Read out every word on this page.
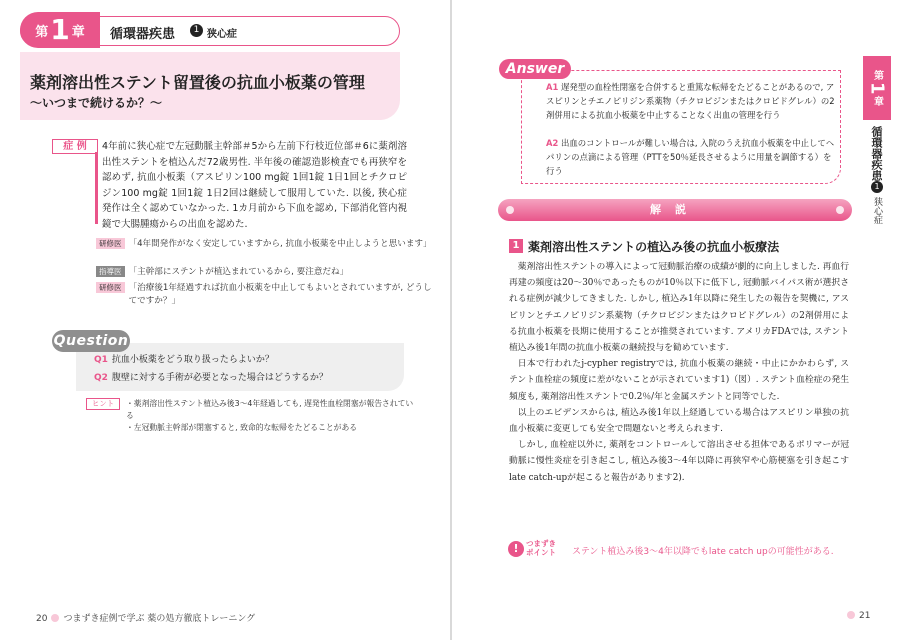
第 1 章 循環器疾患	1 狭心症
薬剤溶出性ステント留置後の抗血小板薬の管理
～いつまで続けるか？～
症 例	4年前に狭心症で左冠動脈主幹部＃5から左前下行枝近位部＃6に薬剤溶出性ステントを植込んだ72歳男性. 半年後の確認造影検査でも再狭窄を認めず, 抗血小板薬（アスピリン100 mg錠 1回1錠 1日1回とチクロピジン100 mg錠 1回1錠 1日2回は継続して服用していた. 以後, 狭心症発作は全く認めていなかった. 1カ月前から下血を認め, 下部消化管内視鏡で大腸腫瘍からの出血を認めた.
研修医 「4年間発作がなく安定していますから, 抗血小板薬を中止しようと思います」
指導医 「主幹部にステントが植込まれているから, 要注意だね」
研修医 「治療後1年経過すれば抗血小板薬を中止してもよいとされていますが, どうしてですか？」
Question
Q1 抗血小板薬をどう取り扱ったらよいか？
Q2 腹壁に対する手術が必要となった場合はどうするか？
ヒント	・薬剤溶出性ステント植込み後3～4年経過しても, 遅発性血栓閉塞が報告されている
・左冠動脈主幹部が閉塞すると, 致命的な転帰をたどることがある
20 つまずき症例で学ぶ 薬の処方徹底トレーニング
Answer
A1 遅発型の血栓性閉塞を合併すると重篤な転帰をたどることがあるので, アスピリンとチエノピリジン系薬物（チクロピジンまたはクロピドグレル）の2剤併用による抗血小板薬を中止することなく出血の管理を行う
A2 出血のコントロールが難しい場合は, 入院のうえ抗血小板薬を中止してヘパリンの点滴による管理（PTTを50％延長させるように用量を調節する）を行う
解説
1 薬剤溶出性ステントの植込み後の抗血小板療法

薬剤溶出性ステントの導入によって冠動脈治療の成績が劇的に向上しました. 再血行再建の頻度は20～30％であったものが10％以下に低下し, 冠動脈バイパス術が選択される症例が減少してきました. しかし, 植込み1年以降に発生したの報告を契機に, アスピリンとチエノピリジン系薬物（チクロピジンまたはクロピドグレル）の2剤併用による抗血小板薬を長期に使用することが推奨されています. アメリカFDAでは, ステント植込み後1年間の抗血小板薬の継続投与を勧めています.

日本で行われたj-cypher registryでは, 抗血小板薬の継続・中止にかかわらず, ステント血栓症の頻度に差がないことが示されています1)（図）. ステント血栓症の発生頻度も, 薬剤溶出性ステントで0.2％/年と金属ステントと同等でした.

以上のエビデンスからは, 植込み後1年以上経過している場合はアスピリン単独の抗血小板薬に変更しても安全で問題ないと考えられます.

しかし, 血栓症以外に, 薬剤をコントロールして溶出させる担体であるポリマーが冠動脈に慢性炎症を引き起こし, 植込み後3～4年以降に再狭窄や心筋梗塞を引き起こすlate catch-upが起こると報告があります2).

! つまずき
ポイント ステント植込み後3～4年以降でもlate catch upの可能性がある.
第
1
章
循環器疾患
1
狭心症
21
